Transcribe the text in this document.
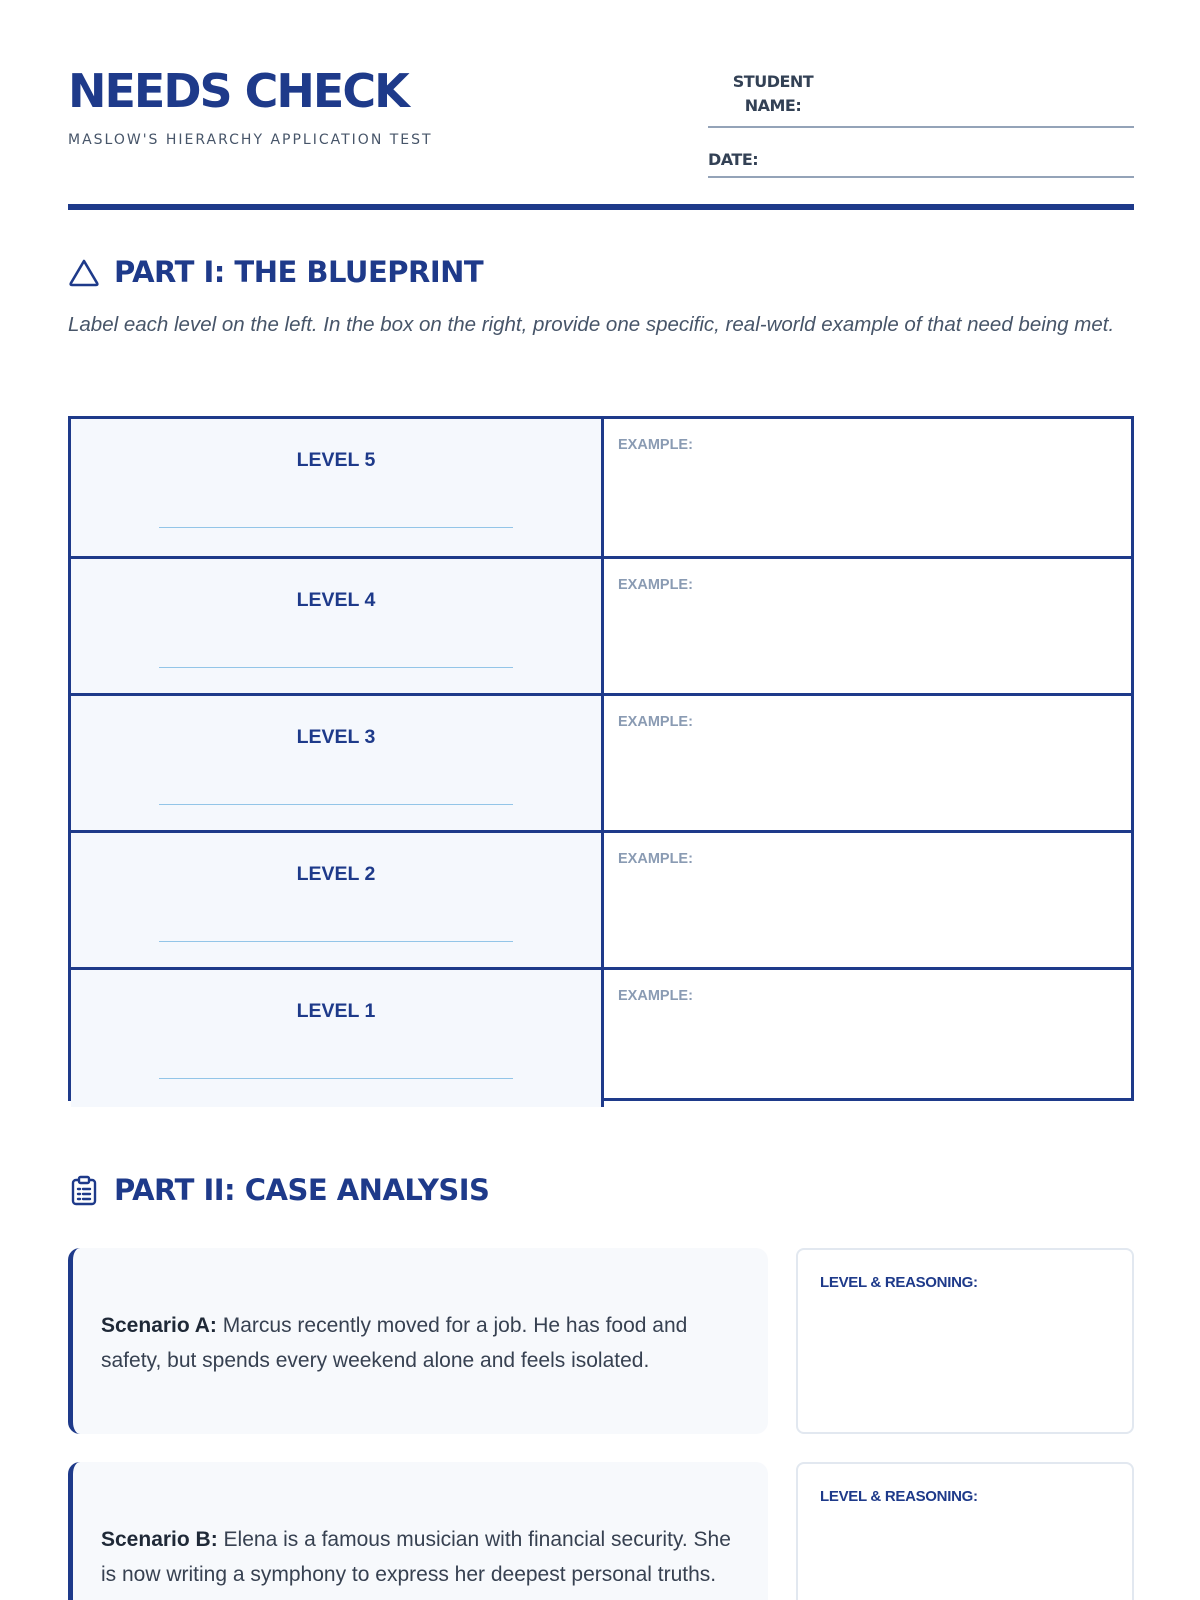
NEEDS CHECK
MASLOW'S HIERARCHY APPLICATION TEST
STUDENT NAME:
DATE:
PART I: THE BLUEPRINT

Label each level on the left. In the box on the right, provide one specific, real-world example of that need being met.

LEVEL 5
EXAMPLE:
LEVEL 4
EXAMPLE:
LEVEL 3
EXAMPLE:
LEVEL 2
EXAMPLE:
LEVEL 1
EXAMPLE:
PART II: CASE ANALYSIS

Scenario A: Marcus recently moved for a job. He has food and safety, but spends every weekend alone and feels isolated.

LEVEL & REASONING:

Scenario B: Elena is a famous musician with financial security. She is now writing a symphony to express her deepest personal truths.

LEVEL & REASONING:
